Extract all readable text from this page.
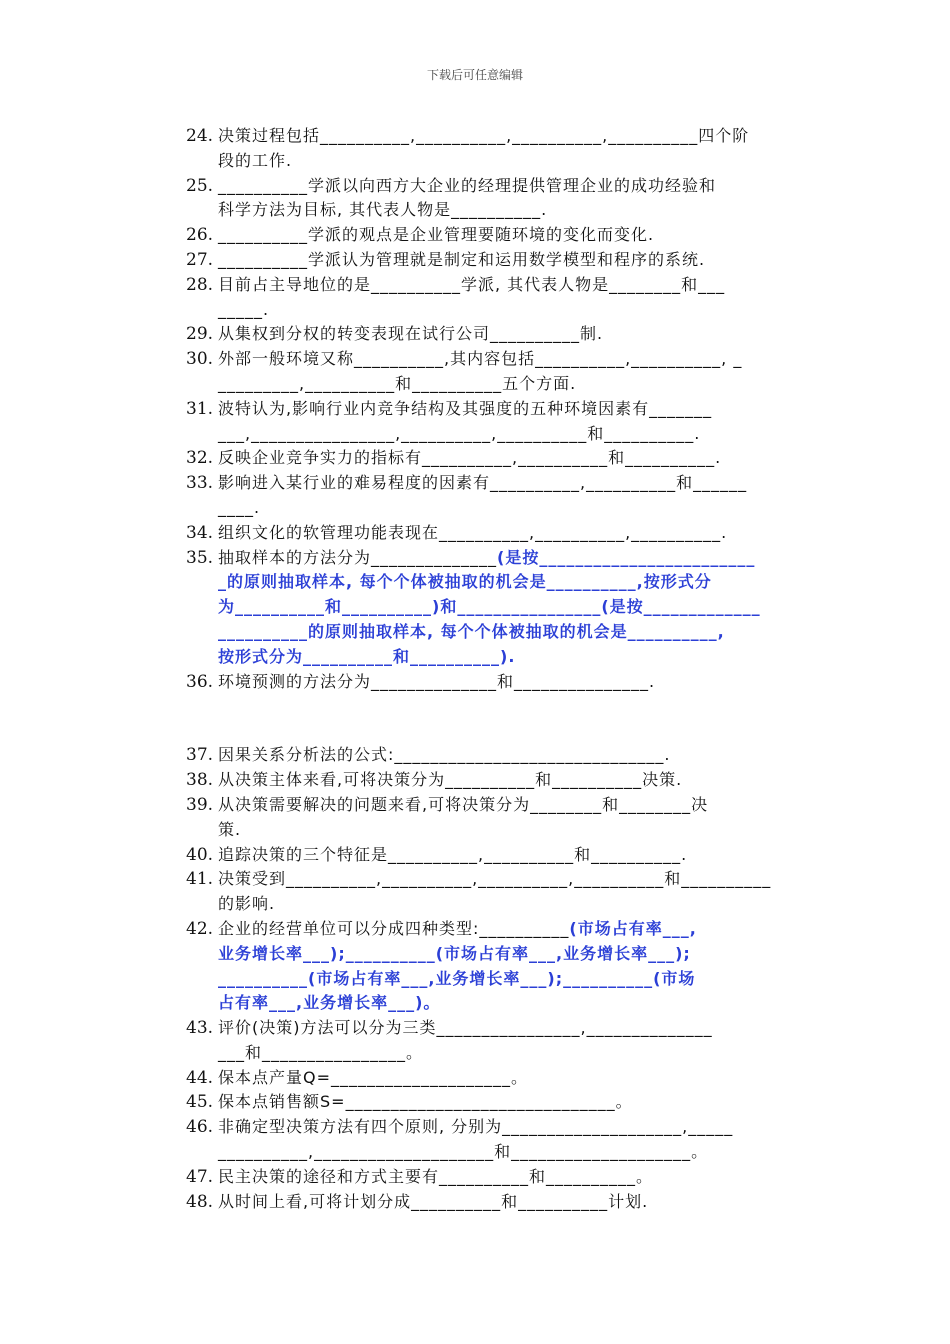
下载后可任意编辑
24. 决策过程包括__________,__________,__________,__________四个阶
段的工作.
25. __________学派以向西方大企业的经理提供管理企业的成功经验和
科学方法为目标, 其代表人物是__________.
26. __________学派的观点是企业管理要随环境的变化而变化.
27. __________学派认为管理就是制定和运用数学模型和程序的系统.
28. 目前占主导地位的是__________学派, 其代表人物是________和___
_____.
29. 从集权到分权的转变表现在试行公司__________制.
30. 外部一般环境又称__________,其内容包括__________,__________, _
_________,__________和__________五个方面.
31. 波特认为,影响行业内竞争结构及其强度的五种环境因素有_______
___,________________,__________,__________和__________.
32. 反映企业竞争实力的指标有__________,__________和__________.
33. 影响进入某行业的难易程度的因素有__________,__________和______
____.
34. 组织文化的软管理功能表现在__________,__________,__________.
35. 抽取样本的方法分为______________(是按________________________
_的原则抽取样本, 每个个体被抽取的机会是__________,按形式分
为__________和__________)和________________(是按_____________
__________的原则抽取样本, 每个个体被抽取的机会是__________,
按形式分为__________和__________).
36. 环境预测的方法分为______________和_______________.
37. 因果关系分析法的公式:______________________________.
38. 从决策主体来看,可将决策分为__________和__________决策.
39. 从决策需要解决的问题来看,可将决策分为________和________决
策.
40. 追踪决策的三个特征是__________,__________和__________.
41. 决策受到__________,__________,__________,__________和__________
的影响.
42. 企业的经营单位可以分成四种类型:__________(市场占有率___,
业务增长率___);__________(市场占有率___,业务增长率___);
__________(市场占有率___,业务增长率___);__________(市场
占有率___,业务增长率___)。
43. 评价(决策)方法可以分为三类________________,______________
___和________________。
44. 保本点产量Q=____________________。
45. 保本点销售额S=______________________________。
46. 非确定型决策方法有四个原则, 分别为____________________,_____
__________,____________________和____________________。
47. 民主决策的途径和方式主要有__________和__________。
48. 从时间上看,可将计划分成__________和__________计划.
